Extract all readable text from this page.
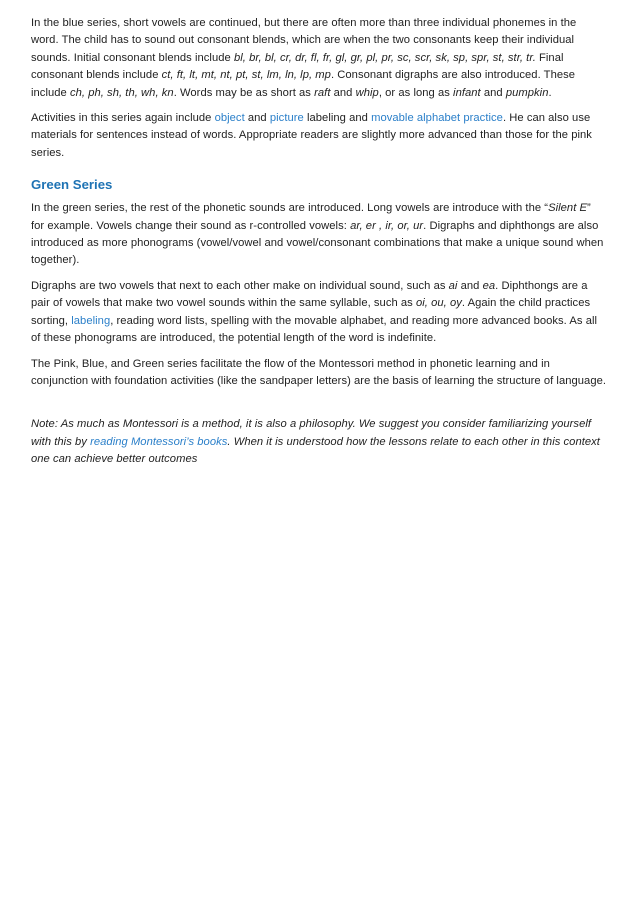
In the blue series, short vowels are continued, but there are often more than three individual phonemes in the word. The child has to sound out consonant blends, which are when the two consonants keep their individual sounds. Initial consonant blends include bl, br, bl, cr, dr, fl, fr, gl, gr, pl, pr, sc, scr, sk, sp, spr, st, str, tr. Final consonant blends include ct, ft, lt, mt, nt, pt, st, lm, ln, lp, mp. Consonant digraphs are also introduced. These include ch, ph, sh, th, wh, kn. Words may be as short as raft and whip, or as long as infant and pumpkin.

Activities in this series again include object and picture labeling and movable alphabet practice. He can also use materials for sentences instead of words. Appropriate readers are slightly more advanced than those for the pink series.

Green Series

In the green series, the rest of the phonetic sounds are introduced. Long vowels are introduce with the “Silent E” for example. Vowels change their sound as r-controlled vowels: ar, er , ir, or, ur. Digraphs and diphthongs are also introduced as more phonograms (vowel/vowel and vowel/consonant combinations that make a unique sound when together).

Digraphs are two vowels that next to each other make on individual sound, such as ai and ea. Diphthongs are a pair of vowels that make two vowel sounds within the same syllable, such as oi, ou, oy. Again the child practices sorting, labeling, reading word lists, spelling with the movable alphabet, and reading more advanced books. As all of these phonograms are introduced, the potential length of the word is indefinite.

The Pink, Blue, and Green series facilitate the flow of the Montessori method in phonetic learning and in conjunction with foundation activities (like the sandpaper letters) are the basis of learning the structure of language.

Note: As much as Montessori is a method, it is also a philosophy. We suggest you consider familiarizing yourself with this by reading Montessori’s books. When it is understood how the lessons relate to each other in this context one can achieve better outcomes
